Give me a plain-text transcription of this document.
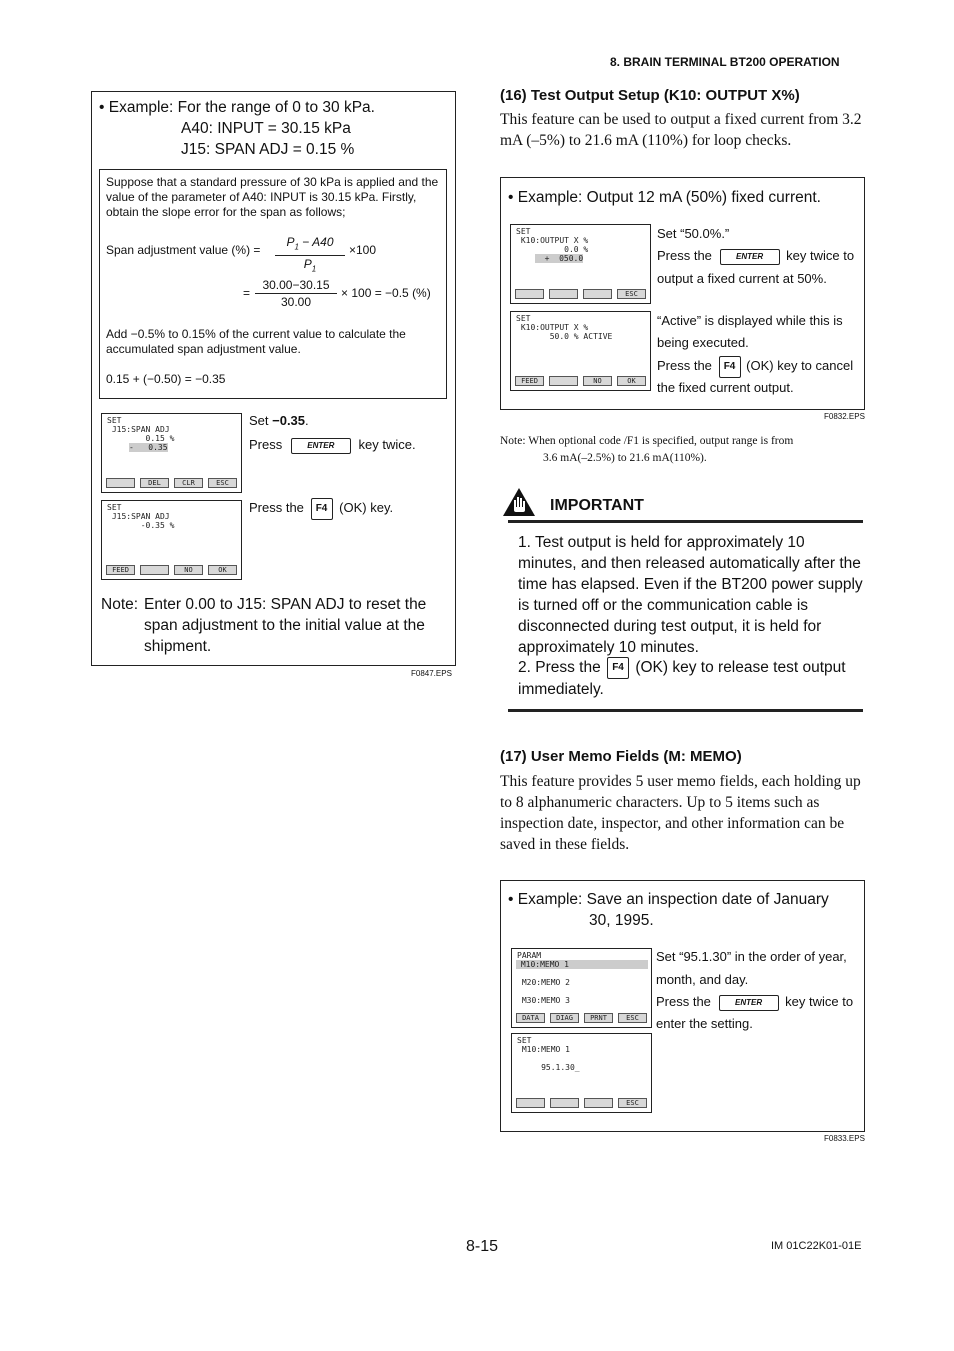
8. BRAIN TERMINAL BT200 OPERATION
• Example: For the range of 0 to 30 kPa.
A40: INPUT = 30.15 kPa
J15: SPAN ADJ = 0.15 %
Suppose that a standard pressure of 30 kPa is applied and the value of the parameter of A40: INPUT is 30.15 kPa. Firstly, obtain the slope error for the span as follows;
Span adjustment value (%) =
$P_1 - A40$
$P_1$
×100
= $\frac{30.00-30.15}{30.00} \times 100 = -0.5$ (%)
Add −0.5% to 0.15% of the current value to calculate the accumulated span adjustment value.
0.15 + (−0.50) = −0.35
SET
J15:SPAN ADJ
0.15 %
-   0.35
DEL	CLR	ESC
Set −0.35.
Press	ENTER key twice.
SET
J15:SPAN ADJ
-0.35 %
FEED	NO	OK
Press the F4 (OK) key.
Note: Enter 0.00 to J15: SPAN ADJ to reset the span adjustment to the initial value at the shipment.
F0847.EPS
(16) Test Output Setup (K10: OUTPUT X%)
This feature can be used to output a fixed current from 3.2 mA (–5%) to 21.6 mA (110%) for loop checks.
• Example: Output 12 mA (50%) fixed current.
SET
K10:OUTPUT X %
0.0 %
+  050.0
ESC
Set “50.0%.”
Press the	ENTER key twice to
output a fixed current at 50%.
SET
K10:OUTPUT X %
50.0 % ACTIVE
FEED	NO	OK
“Active” is displayed while this is
being executed.
Press the F4 (OK) key to cancel
the fixed current output.
F0832.EPS
Note: When optional code /F1 is specified, output range is from
3.6 mA(–2.5%) to 21.6 mA(110%).
IMPORTANT
1. Test output is held for approximately 10 minutes, and then released automatically after the time has elapsed. Even if the BT200 power supply is turned off or the communication cable is disconnected during test output, it is held for approximately 10 minutes.
2. Press the F4 (OK) key to release test output immediately.
(17) User Memo Fields (M: MEMO)
This feature provides 5 user memo fields, each holding up to 8 alphanumeric characters. Up to 5 items such as inspection date, inspector, and other information can be saved in these fields.
• Example: Save an inspection date of January
30, 1995.
PARAM
M10:MEMO 1
M20:MEMO 2
M30:MEMO 3
DATA	DIAG	PRNT	ESC
Set “95.1.30” in the order of year,
month, and day.
Press the	ENTER key twice to
enter the setting.
SET
M10:MEMO 1
95.1.30_
ESC
F0833.EPS
8-15	IM 01C22K01-01E
